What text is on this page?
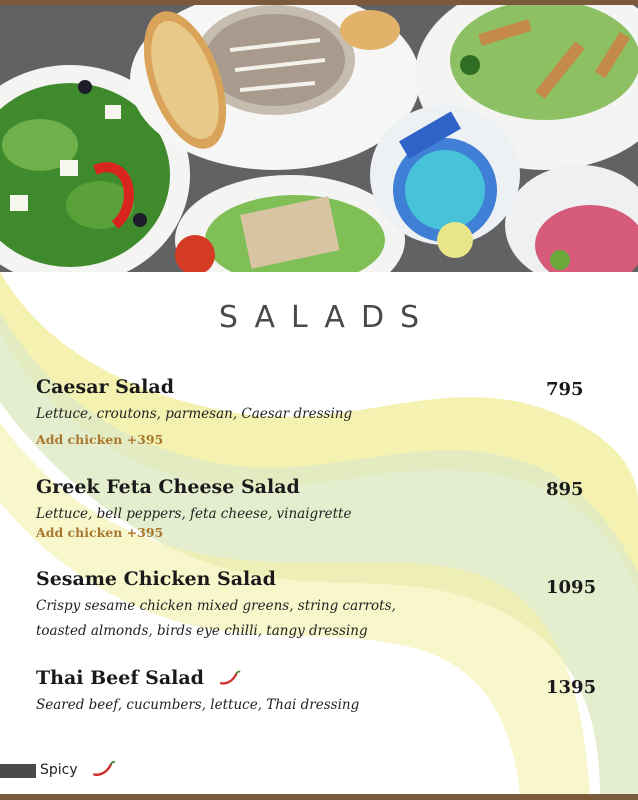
SALADS
Caesar Salad	795
Lettuce, croutons, parmesan, Caesar dressing
Add chicken +395
Greek Feta Cheese Salad	895
Lettuce, bell peppers, feta cheese, vinaigrette
Add chicken +395
Sesame Chicken Salad	1095
Crispy sesame chicken mixed greens, string carrots,
toasted almonds, birds eye chilli, tangy dressing
Thai Beef Salad	1395
Seared beef, cucumbers, lettuce, Thai dressing
Spicy
